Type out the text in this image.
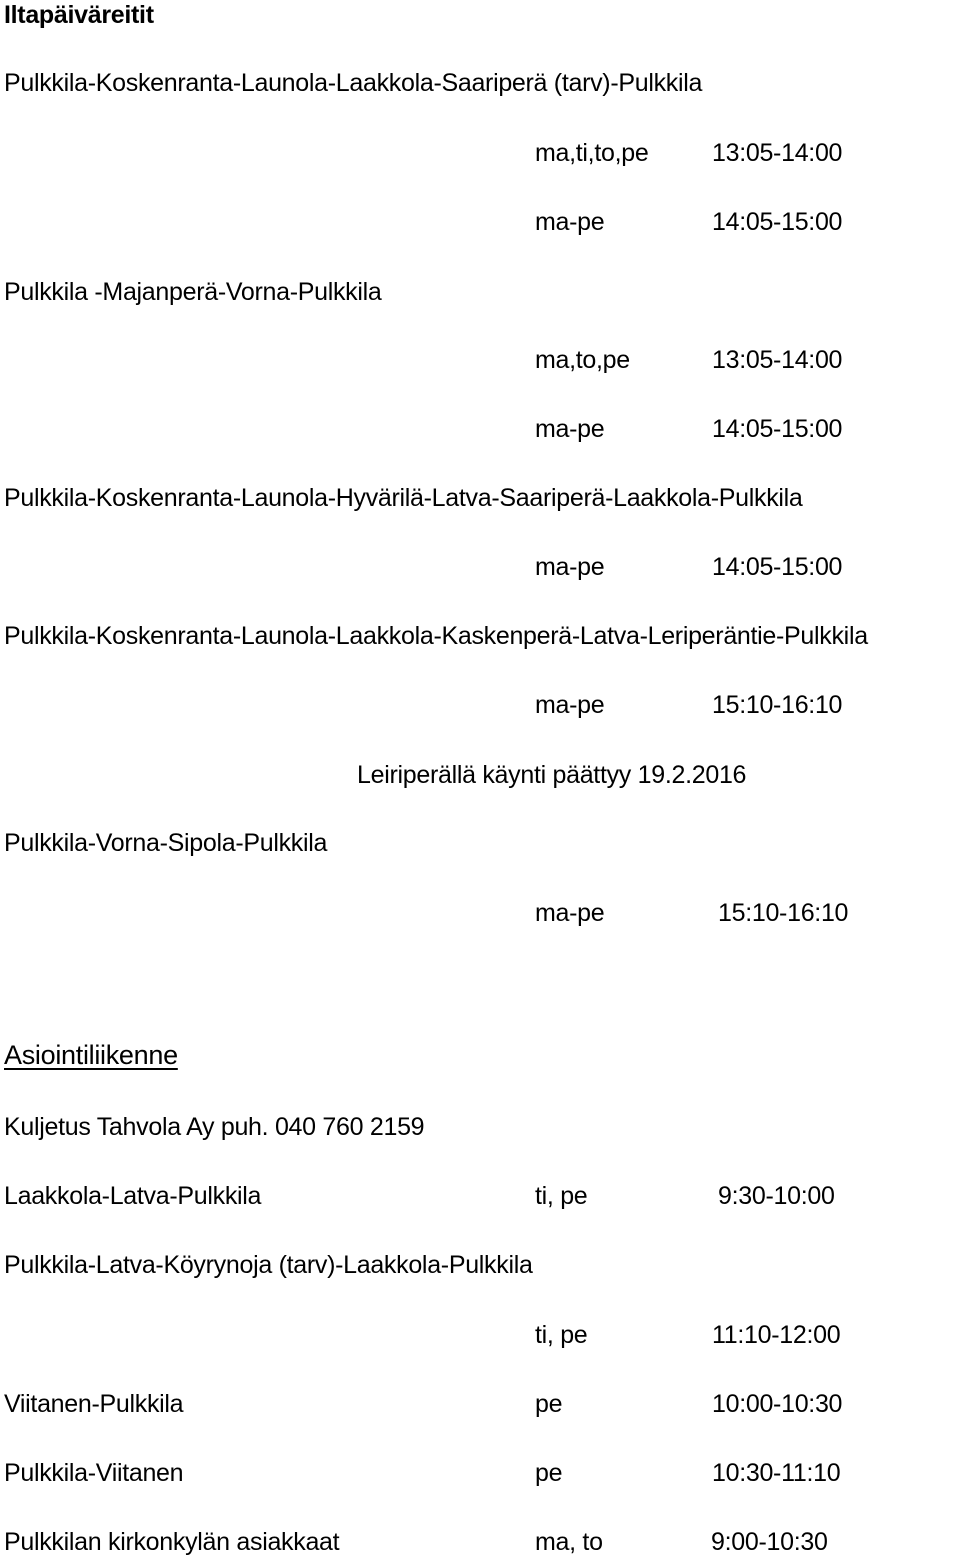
Iltapäiväreitit
Pulkkila-Koskenranta-Launola-Laakkola-Saariperä (tarv)-Pulkkila
ma,ti,to,pe	13:05-14:00
ma-pe	14:05-15:00
Pulkkila -Majanperä-Vorna-Pulkkila
ma,to,pe	13:05-14:00
ma-pe	14:05-15:00
Pulkkila-Koskenranta-Launola-Hyvärilä-Latva-Saariperä-Laakkola-Pulkkila
ma-pe	14:05-15:00
Pulkkila-Koskenranta-Launola-Laakkola-Kaskenperä-Latva-Leriperäntie-Pulkkila
ma-pe	15:10-16:10
Leiriperällä käynti päättyy 19.2.2016
Pulkkila-Vorna-Sipola-Pulkkila
ma-pe	15:10-16:10
Asiointiliikenne
Kuljetus Tahvola Ay puh. 040 760 2159
Laakkola-Latva-Pulkkila	ti, pe	9:30-10:00
Pulkkila-Latva-Köyrynoja (tarv)-Laakkola-Pulkkila
ti, pe	11:10-12:00
Viitanen-Pulkkila	pe	10:00-10:30
Pulkkila-Viitanen	pe	10:30-11:10
Pulkkilan kirkonkylän asiakkaat	ma, to	9:00-10:30
